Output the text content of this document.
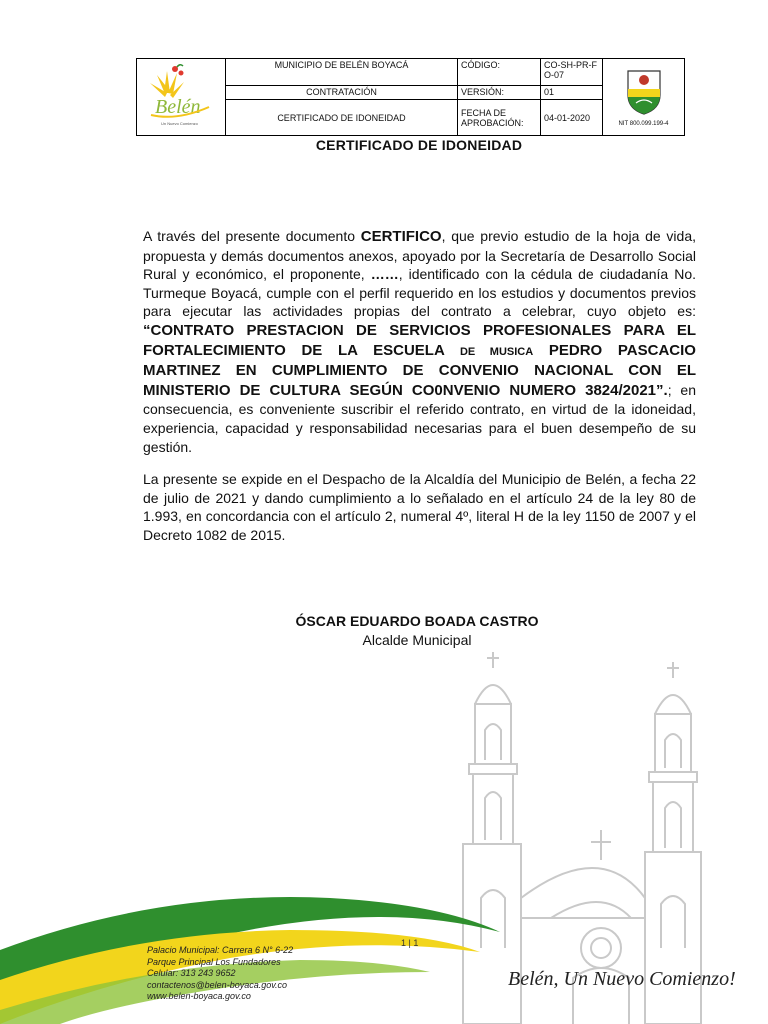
Belén
Un Nuevo Comienzo	MUNICIPIO DE BELÉN BOYACÁ	CÓDIGO:	CO-SH-PR-FO-07	NIT 800.099.199-4

	CONTRATACIÓN	VERSIÓN:	01	
	CERTIFICADO DE IDONEIDAD	FECHA DE APROBACIÓN:	04-01-2020	
CERTIFICADO DE IDONEIDAD
A través del presente documento CERTIFICO, que previo estudio de la hoja de vida, propuesta y demás documentos anexos, apoyado por la Secretaría de Desarrollo Social Rural y económico, el proponente, ……, identificado con la cédula de ciudadanía No. Turmeque Boyacá, cumple con el perfil requerido en los estudios y documentos previos para ejecutar las actividades propias del contrato a celebrar, cuyo objeto es: “CONTRATO PRESTACION DE SERVICIOS PROFESIONALES PARA EL FORTALECIMIENTO DE LA ESCUELA DE MUSICA PEDRO PASCACIO MARTINEZ EN CUMPLIMIENTO DE CONVENIO NACIONAL CON EL MINISTERIO DE CULTURA SEGÚN CO0NVENIO NUMERO 3824/2021”.; en consecuencia, es conveniente suscribir el referido contrato, en virtud de la idoneidad, experiencia, capacidad y responsabilidad necesarias para el buen desempeño de su gestión.
La presente se expide en el Despacho de la Alcaldía del Municipio de Belén, a fecha 22 de julio de 2021 y dando cumplimiento a lo señalado en el artículo 24 de la ley 80 de 1.993, en concordancia con el artículo 2, numeral 4º, literal H de la ley 1150 de 2007 y el Decreto 1082 de 2015.
ÓSCAR EDUARDO BOADA CASTRO
Alcalde Municipal
1 | 1
Palacio Municipal: Carrera 6 N° 6-22
Parque Principal Los Fundadores
Celular: 313 243 9652
contactenos@belen-boyaca.gov.co
www.belen-boyaca.gov.co
Belén, Un Nuevo Comienzo!
